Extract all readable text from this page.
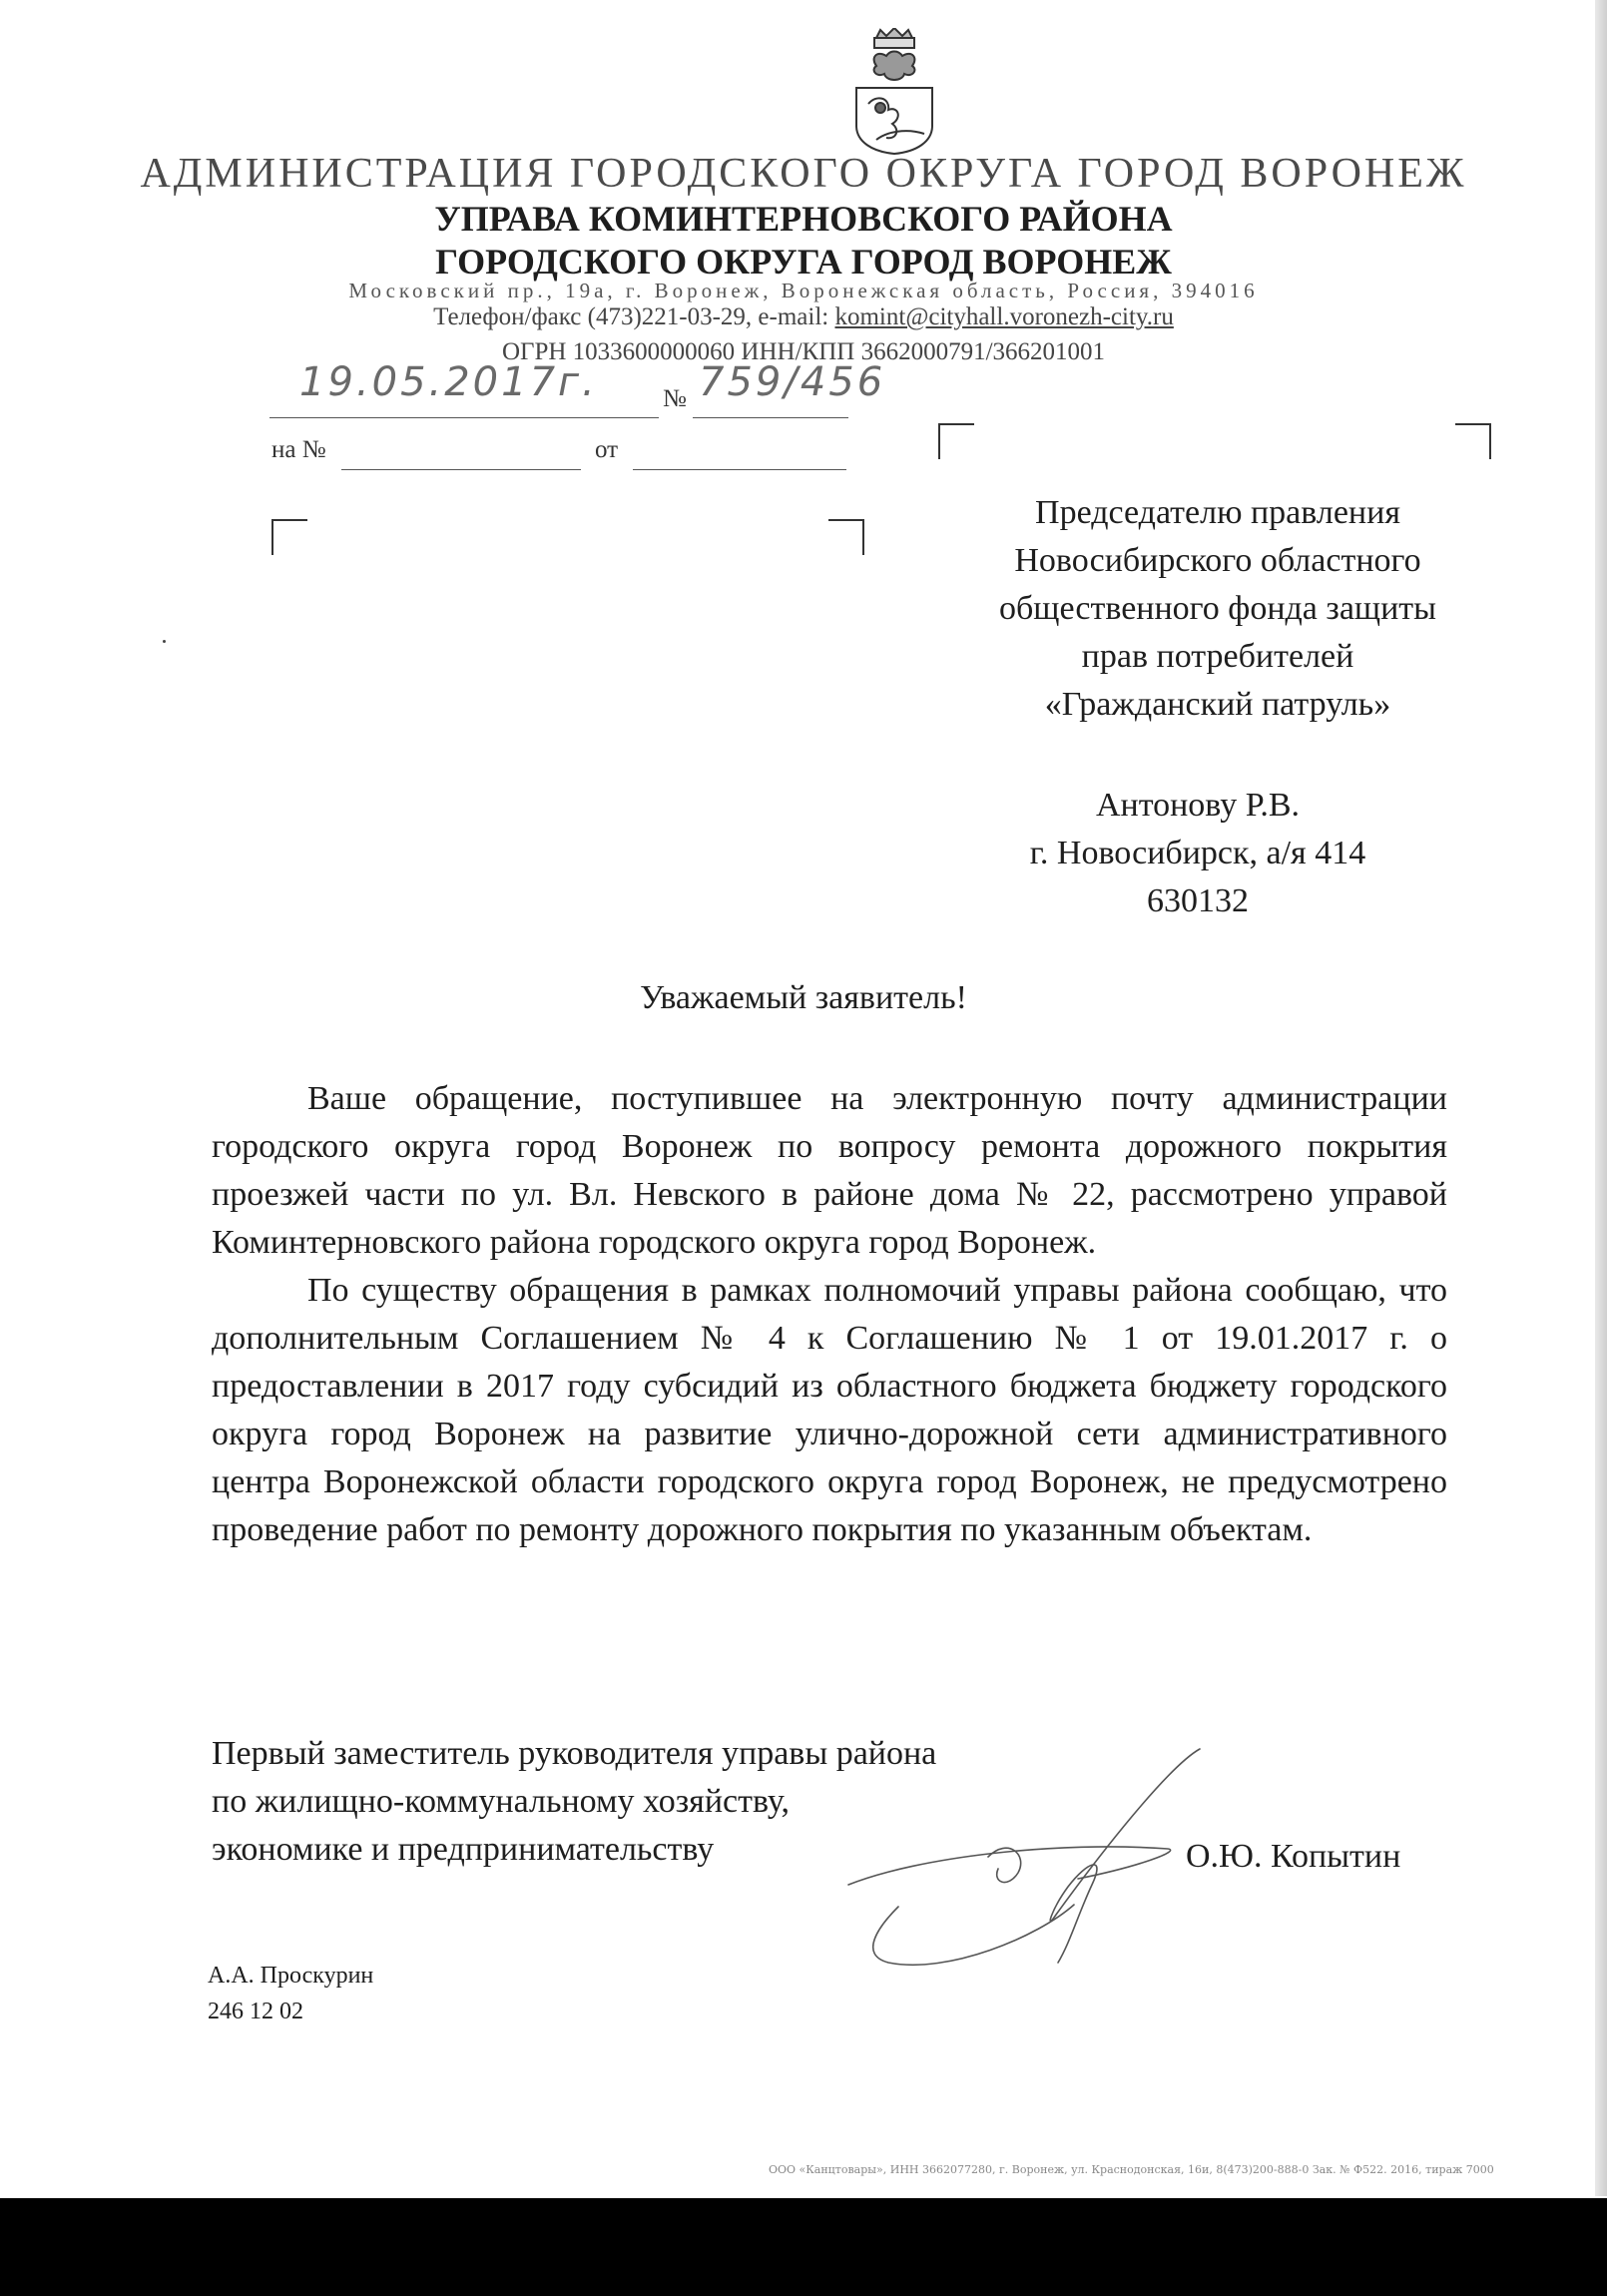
АДМИНИСТРАЦИЯ ГОРОДСКОГО ОКРУГА ГОРОД ВОРОНЕЖ
УПРАВА КОМИНТЕРНОВСКОГО РАЙОНА
ГОРОДСКОГО ОКРУГА ГОРОД ВОРОНЕЖ
Московский пр., 19а, г. Воронеж, Воронежская область, Россия, 394016
Телефон/факс (473)221-03-29, e-mail: komint@cityhall.voronezh-city.ru
ОГРН 1033600000060 ИНН/КПП 3662000791/366201001
19.05.2017г.	№ 759/456
на №	от
Председателю правления
Новосибирского областного
общественного фонда защиты
прав потребителей
«Гражданский патруль»
Антонову Р.В.
г. Новосибирск, а/я 414
630132
Уважаемый заявитель!

Ваше обращение, поступившее на электронную почту администрации городского округа город Воронеж по вопросу ремонта дорожного покрытия проезжей части по ул. Вл. Невского в районе дома № 22, рассмотрено управой Коминтерновского района городского округа город Воронеж.

По существу обращения в рамках полномочий управы района сообщаю, что дополнительным Соглашением № 4 к Соглашению № 1 от 19.01.2017 г. о предоставлении в 2017 году субсидий из областного бюджета бюджету городского округа город Воронеж на развитие улично-дорожной сети административного центра Воронежской области городского округа город Воронеж, не предусмотрено проведение работ по ремонту дорожного покрытия по указанным объектам.

Первый заместитель руководителя управы района
по жилищно-коммунальному хозяйству,
экономике и предпринимательству	О.Ю. Копытин
А.А. Проскурин
246 12 02
ООО «Канцтовары», ИНН 3662077280, г. Воронеж, ул. Краснодонская, 16и, 8(473)200-888-0 Зак. № Ф522. 2016, тираж 7000
